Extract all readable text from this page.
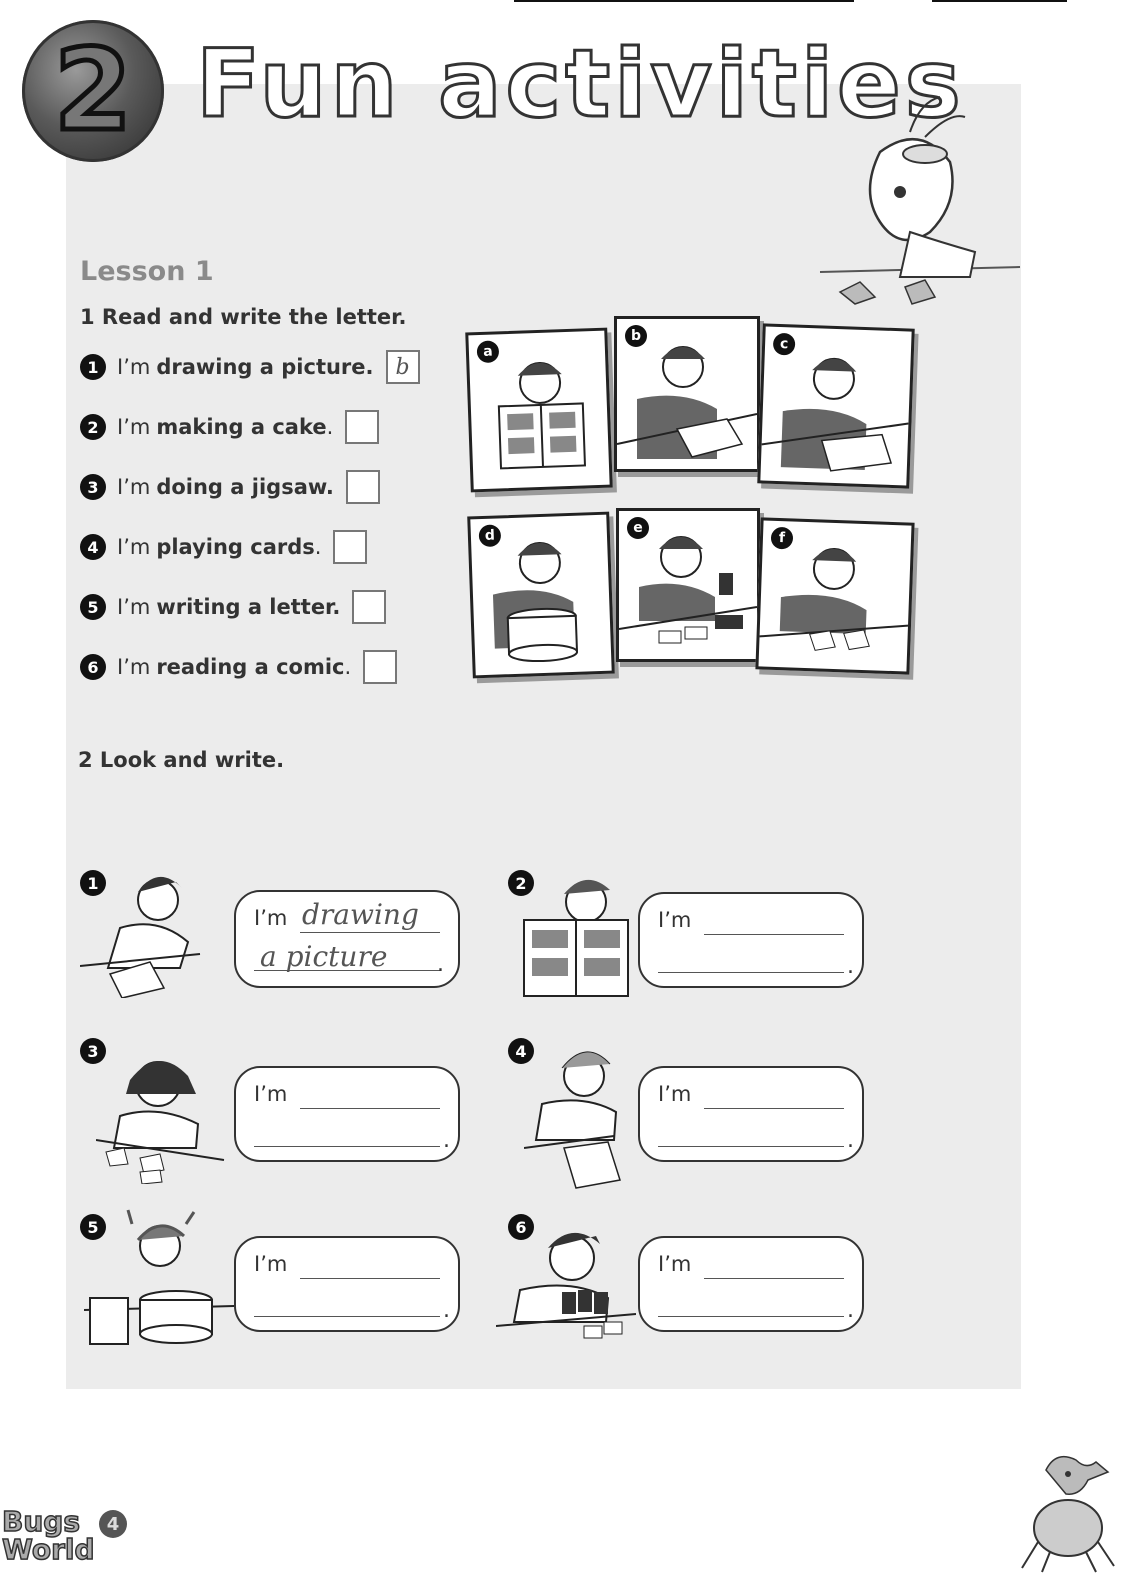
2 Fun activities
Lesson 1
1 Read and write the letter.
1 I’m drawing a picture. b
2 I’m making a cake .
3 I’m doing a jigsaw.
4 I’m playing cards .
5 I’m writing a letter.
6 I’m reading a comic .
a
b
c
d	e
f
2 Look and write.
1
I’m drawing
a picture .
2
I’m
.
3
I’m
.
4
I’m
.
5
I’m
.
6
I’m
.
Bugs
World
4
